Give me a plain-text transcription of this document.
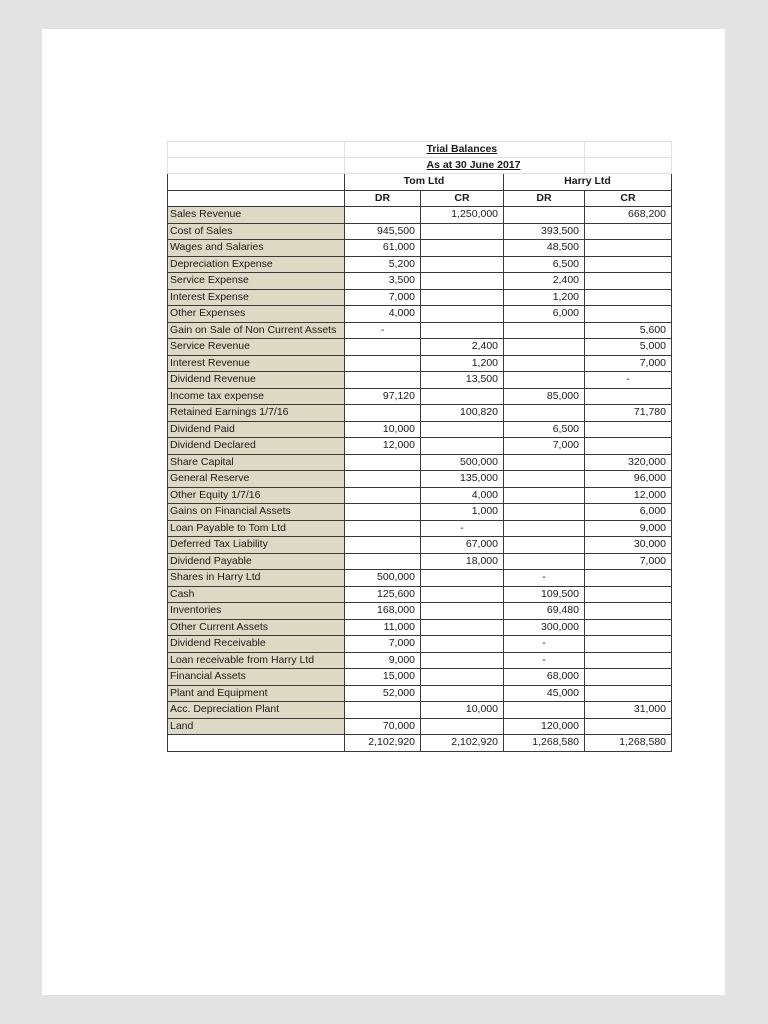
		Trial Balances		
		As at 30 June 2017		
	Tom Ltd		Harry Ltd	
	DR	CR	DR	CR
Sales Revenue		1,250,000		668,200
Cost of Sales	945,500		393,500	
Wages and Salaries	61,000		48,500	
Depreciation Expense	5,200		6,500	
Service Expense	3,500		2,400	
Interest Expense	7,000		1,200	
Other Expenses	4,000		6,000	
Gain on Sale of Non Current Assets	-			5,600
Service Revenue		2,400		5,000
Interest Revenue		1,200		7,000
Dividend Revenue		13,500		-
Income tax expense	97,120		85,000	
Retained Earnings 1/7/16		100,820		71,780
Dividend Paid	10,000		6,500	
Dividend Declared	12,000		7,000	
Share Capital		500,000		320,000
General Reserve		135,000		96,000
Other Equity 1/7/16		4,000		12,000
Gains on Financial Assets		1,000		6,000
Loan Payable to Tom Ltd		-		9,000
Deferred Tax Liability		67,000		30,000
Dividend Payable		18,000		7,000
Shares in Harry Ltd	500,000		-	
Cash	125,600		109,500	
Inventories	168,000		69,480	
Other Current Assets	11,000		300,000	
Dividend Receivable	7,000		-	
Loan receivable from Harry Ltd	9,000		-	
Financial Assets	15,000		68,000	
Plant and Equipment	52,000		45,000	
Acc. Depreciation Plant		10,000		31,000
Land	70,000		120,000	
	2,102,920	2,102,920	1,268,580	1,268,580
